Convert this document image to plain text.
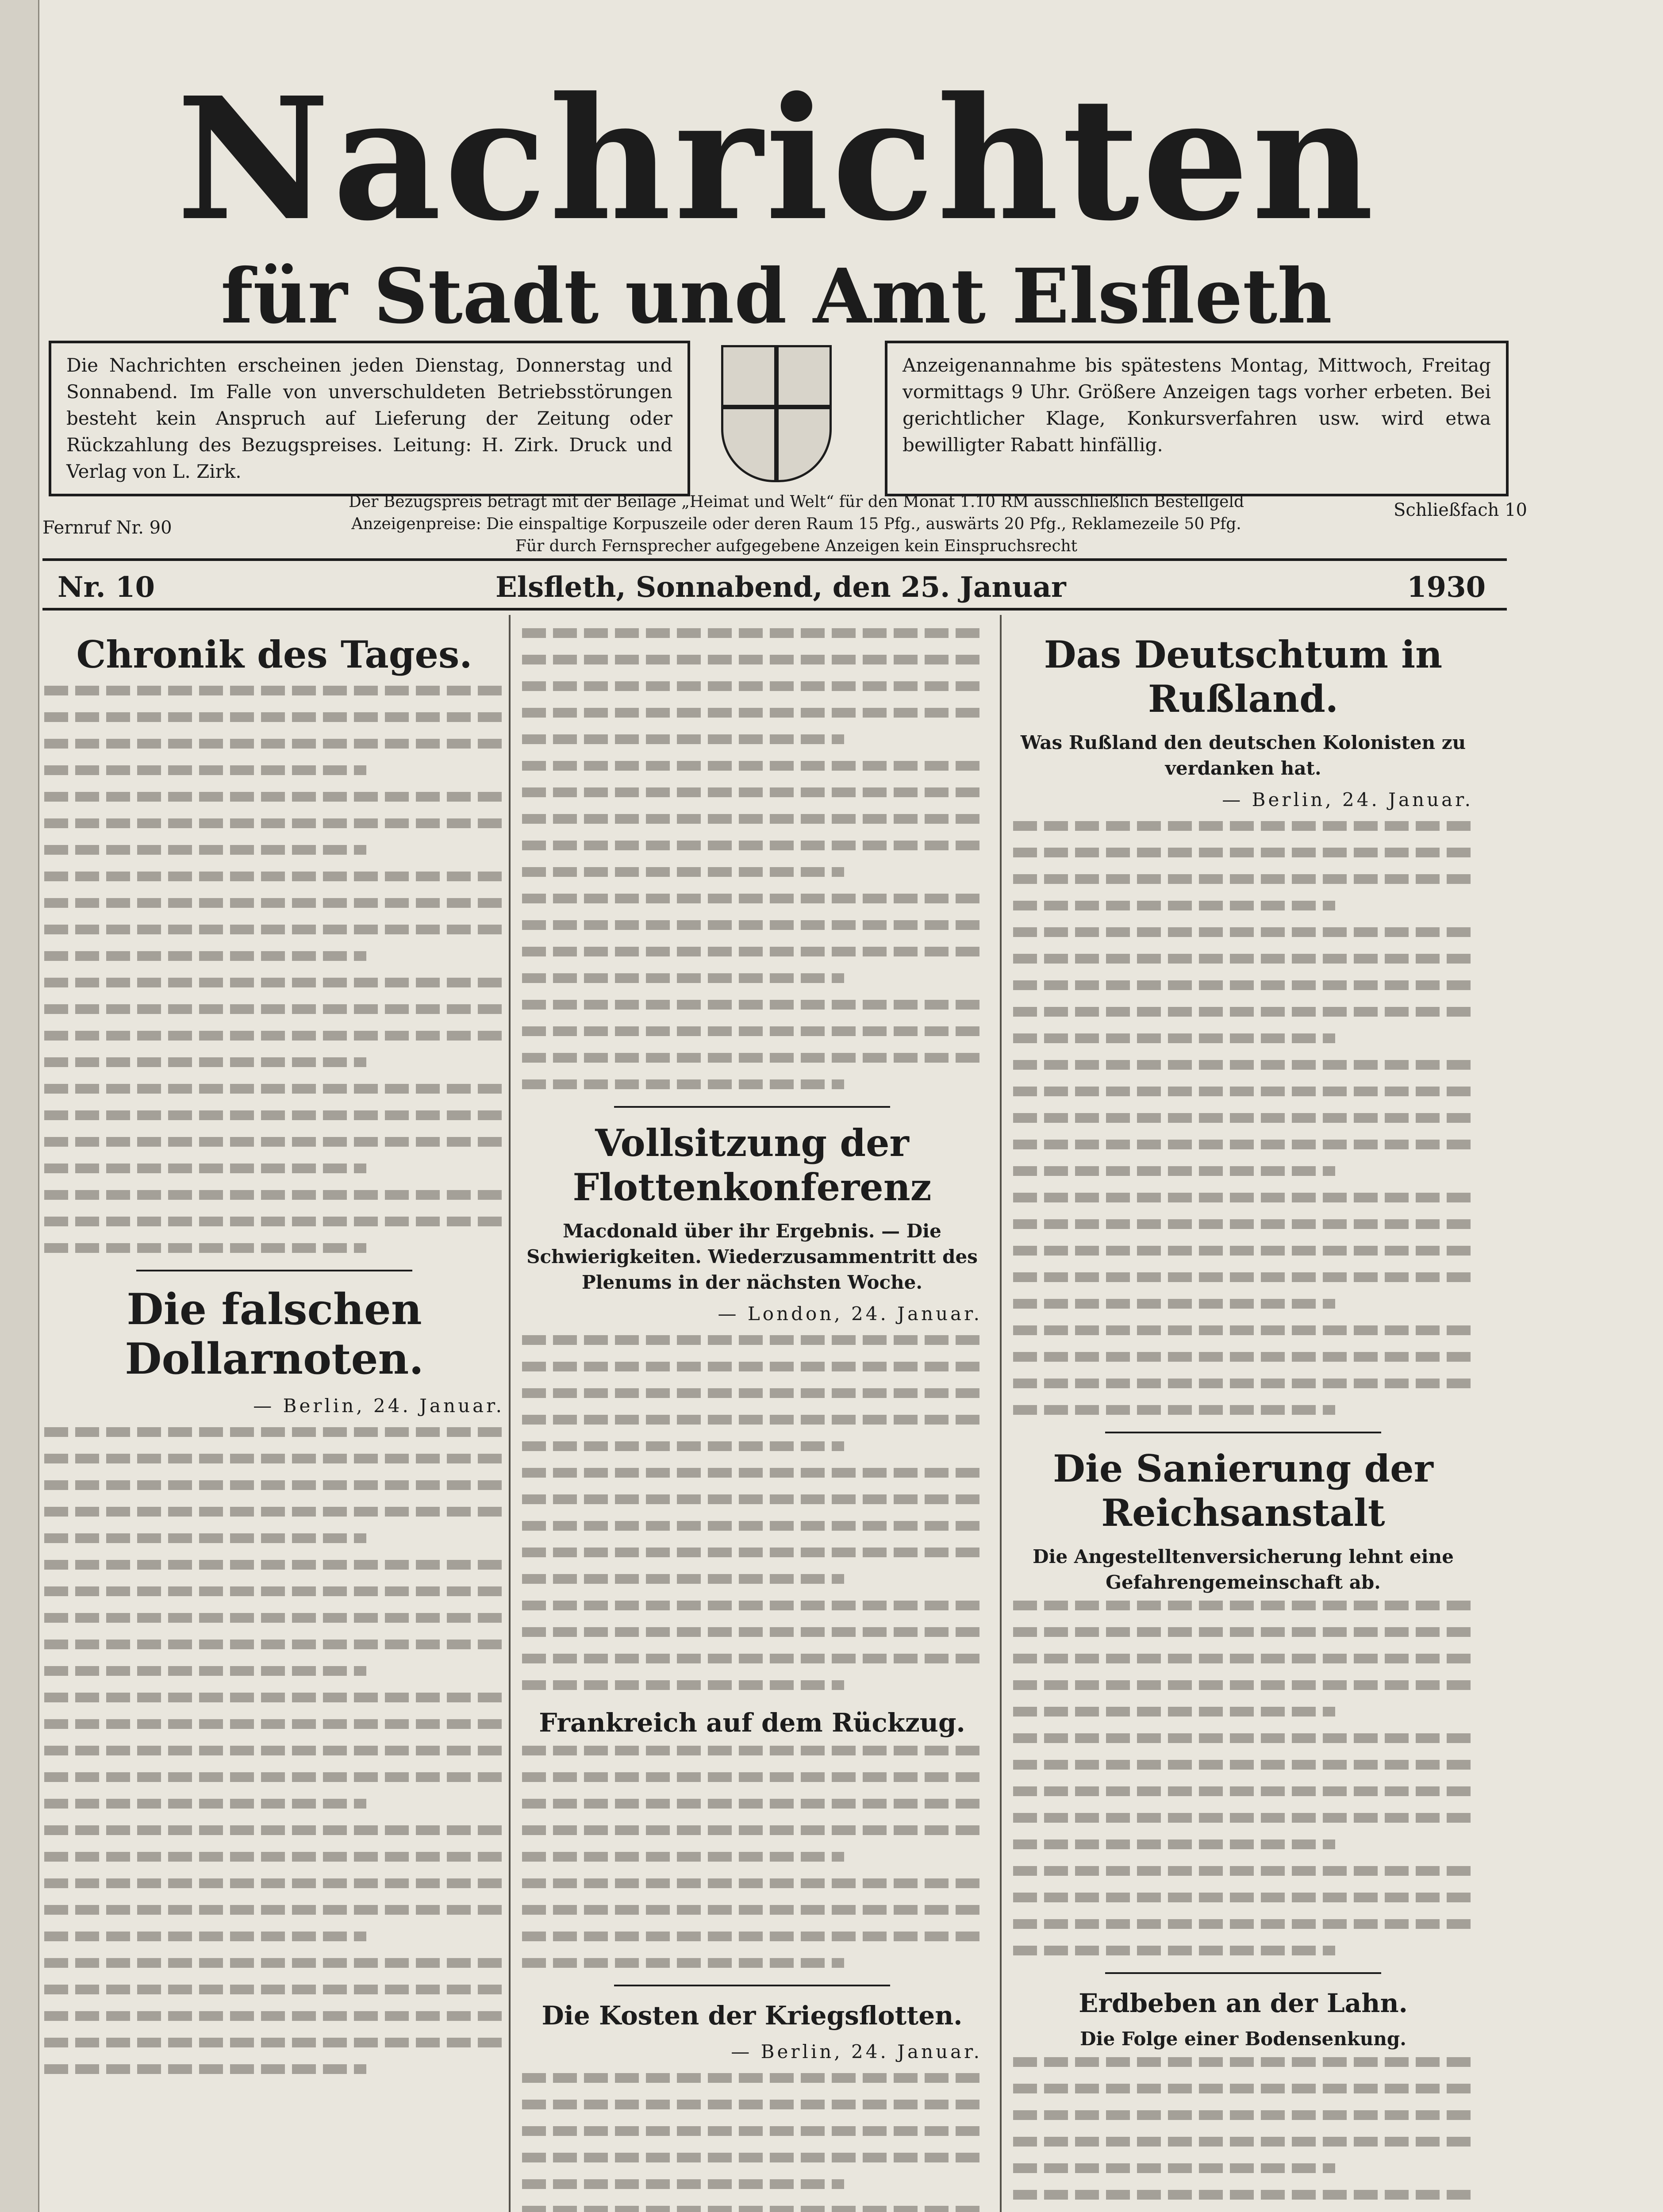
Nachrichten

für Stadt und Amt Elsfleth

Die Nachrichten erscheinen jeden Dienstag, Donnerstag und Sonnabend. Im Falle von unverschuldeten Betriebsstörungen besteht kein Anspruch auf Lieferung der Zeitung oder Rückzahlung des Bezugspreises. Leitung: H. Zirk. Druck und Verlag von L. Zirk.
Anzeigenannahme bis spätestens Montag, Mittwoch, Freitag vormittags 9 Uhr. Größere Anzeigen tags vorher erbeten. Bei gerichtlicher Klage, Konkursverfahren usw. wird etwa bewilligter Rabatt hinfällig.
Der Bezugspreis beträgt mit der Beilage „Heimat und Welt“ für den Monat 1.10 RM ausschließlich Bestellgeld
Anzeigenpreise: Die einspaltige Korpuszeile oder deren Raum 15 Pfg., auswärts 20 Pfg., Reklamezeile 50 Pfg.
Für durch Fernsprecher aufgegebene Anzeigen kein Einspruchsrecht
Fernruf Nr. 90
Schließfach 10
Nr. 10	Elsfleth, Sonnabend, den 25. Januar	1930
Chronik des Tages.
Die falschen Dollarnoten.

— Berlin, 24. Januar.

Vollsitzung der Flottenkonferenz

Macdonald über ihr Ergebnis. — Die Schwierigkeiten. Wiederzusammentritt des Plenums in der nächsten Woche.

— London, 24. Januar.

Frankreich auf dem Rückzug.
Die Kosten der Kriegsflotten.

— Berlin, 24. Januar.

Das Deutschtum in Rußland.

Was Rußland den deutschen Kolonisten zu verdanken hat.

— Berlin, 24. Januar.

Die Sanierung der Reichsanstalt

Die Angestelltenversicherung lehnt eine Gefahrengemeinschaft ab.

Erdbeben an der Lahn.

Die Folge einer Bodensenkung.
